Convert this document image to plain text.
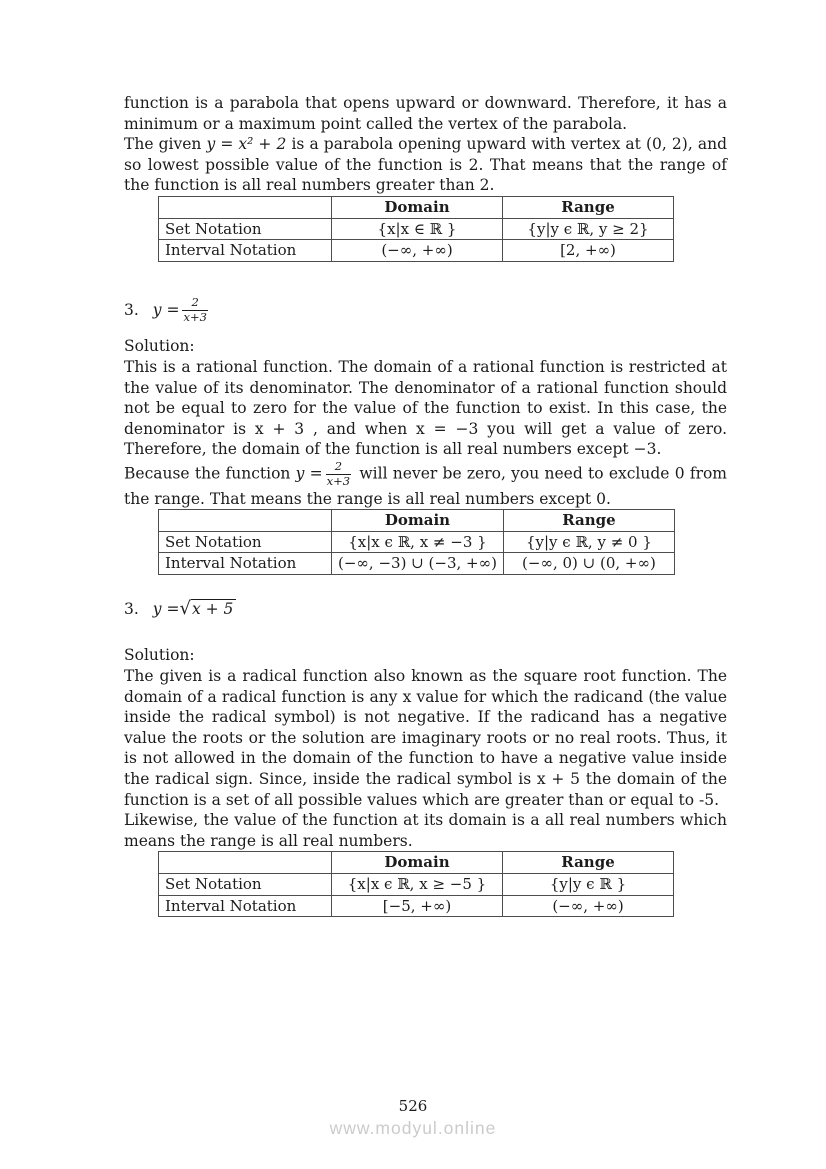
function is a parabola that opens upward or downward. Therefore, it has a minimum or a maximum point called the vertex of the parabola.

The given y = x² + 2 is a parabola opening upward with vertex at (0, 2), and so lowest possible value of the function is 2. That means that the range of the function is all real numbers greater than 2.

	Domain	Range
Set Notation	{x|x ∈ ℝ }	{y|y ϵ ℝ, y ≥ 2}
Interval Notation	(−∞, +∞)	[2, +∞)
3. $y = \frac{2}{x+3}$

Solution:

This is a rational function. The domain of a rational function is restricted at the value of its denominator. The denominator of a rational function should not be equal to zero for the value of the function to exist. In this case, the denominator is x + 3 , and when x = −3 you will get a value of zero. Therefore, the domain of the function is all real numbers except −3.

Because the function $y = \frac{2}{x+3}$ will never be zero, you need to exclude 0 from the range. That means the range is all real numbers except 0.

	Domain	Range
Set Notation	{x|x ϵ ℝ, x ≠ −3 }	{y|y ϵ ℝ, y ≠ 0 }
Interval Notation	(−∞, −3) ∪ (−3, +∞)	(−∞, 0) ∪ (0, +∞)
3. y = √x + 5

Solution:

The given is a radical function also known as the square root function. The domain of a radical function is any x value for which the radicand (the value inside the radical symbol) is not negative. If the radicand has a negative value the roots or the solution are imaginary roots or no real roots. Thus, it is not allowed in the domain of the function to have a negative value inside the radical sign. Since, inside the radical symbol is x + 5 the domain of the function is a set of all possible values which are greater than or equal to -5.

Likewise, the value of the function at its domain is a all real numbers which means the range is all real numbers.

	Domain	Range
Set Notation	{x|x ϵ ℝ, x ≥ −5 }	{y|y ϵ ℝ }
Interval Notation	[−5, +∞)	(−∞, +∞)
526
www.modyul.online
